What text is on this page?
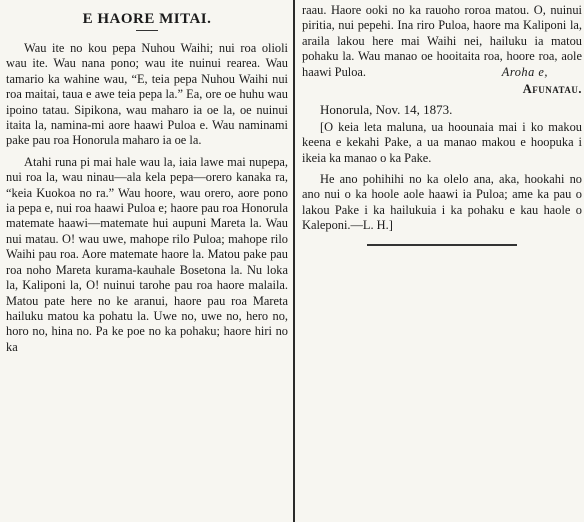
E HAORE MITAI.

Wau ite no kou pepa Nuhou Waihi; nui roa olioli wau ite. Wau nana pono; wau ite nuinui rearea. Wau tamario ka wahine wau, “E, teia pepa Nuhou Waihi nui roa maitai, taua e awe teia pepa la.” Ea, ore oe huhu wau ipoino tatau. Sipikona, wau maharo ia oe la, oe nuinui itaita la, namina-mi aore haawi Puloa e. Wau naminami pake pau roa Honorula maharo ia oe la.

Atahi runa pi mai hale wau la, iaia lawe mai nupepa, nui roa la, wau ninau—ala kela pepa—orero kanaka ra, “keia Kuokoa no ra.” Wau hoore, wau orero, aore pono ia pepa e, nui roa haawi Puloa e; haore pau roa Honorula matemate haawi—matemate hui aupuni Mareta la. Wau nui matau. O! wau uwe, mahope rilo Puloa; mahope rilo Waihi pau roa. Aore matemate haore la. Matou pake pau roa noho Mareta kurama-kauhale Bosetona la. Nu loka la, Kaliponi la, O! nuinui tarohe pau roa haore malaila. Matou pate here no ke aranui, haore pau roa Mareta hailuku matou ka pohatu la. Uwe no, uwe no, hero no, horo no, hina no. Pa ke poe no ka pohaku; haore hiri no ka

raau. Haore ooki no ka rauoho roroa matou. O, nuinui piritia, nui pepehi. Ina riro Puloa, haore ma Kaliponi la, araila lakou here mai Waihi nei, hailuku ia matou pohaku la. Wau manao oe hooitaita roa, hoore roa, aole haawi Puloa.	Aroha e,
Afunatau.
Honorula, Nov. 14, 1873.

[O keia leta maluna, ua hoounaia mai i ko makou keena e kekahi Pake, a ua manao makou e hoopuka i ikeia ka manao o ka Pake.

He ano pohihihi no ka olelo ana, aka, hookahi no ano nui o ka hoole aole haawi ia Puloa; ame ka pau o lakou Pake i ka hailukuia i ka pohaku e kau haole o Kaleponi.—L. H.]
